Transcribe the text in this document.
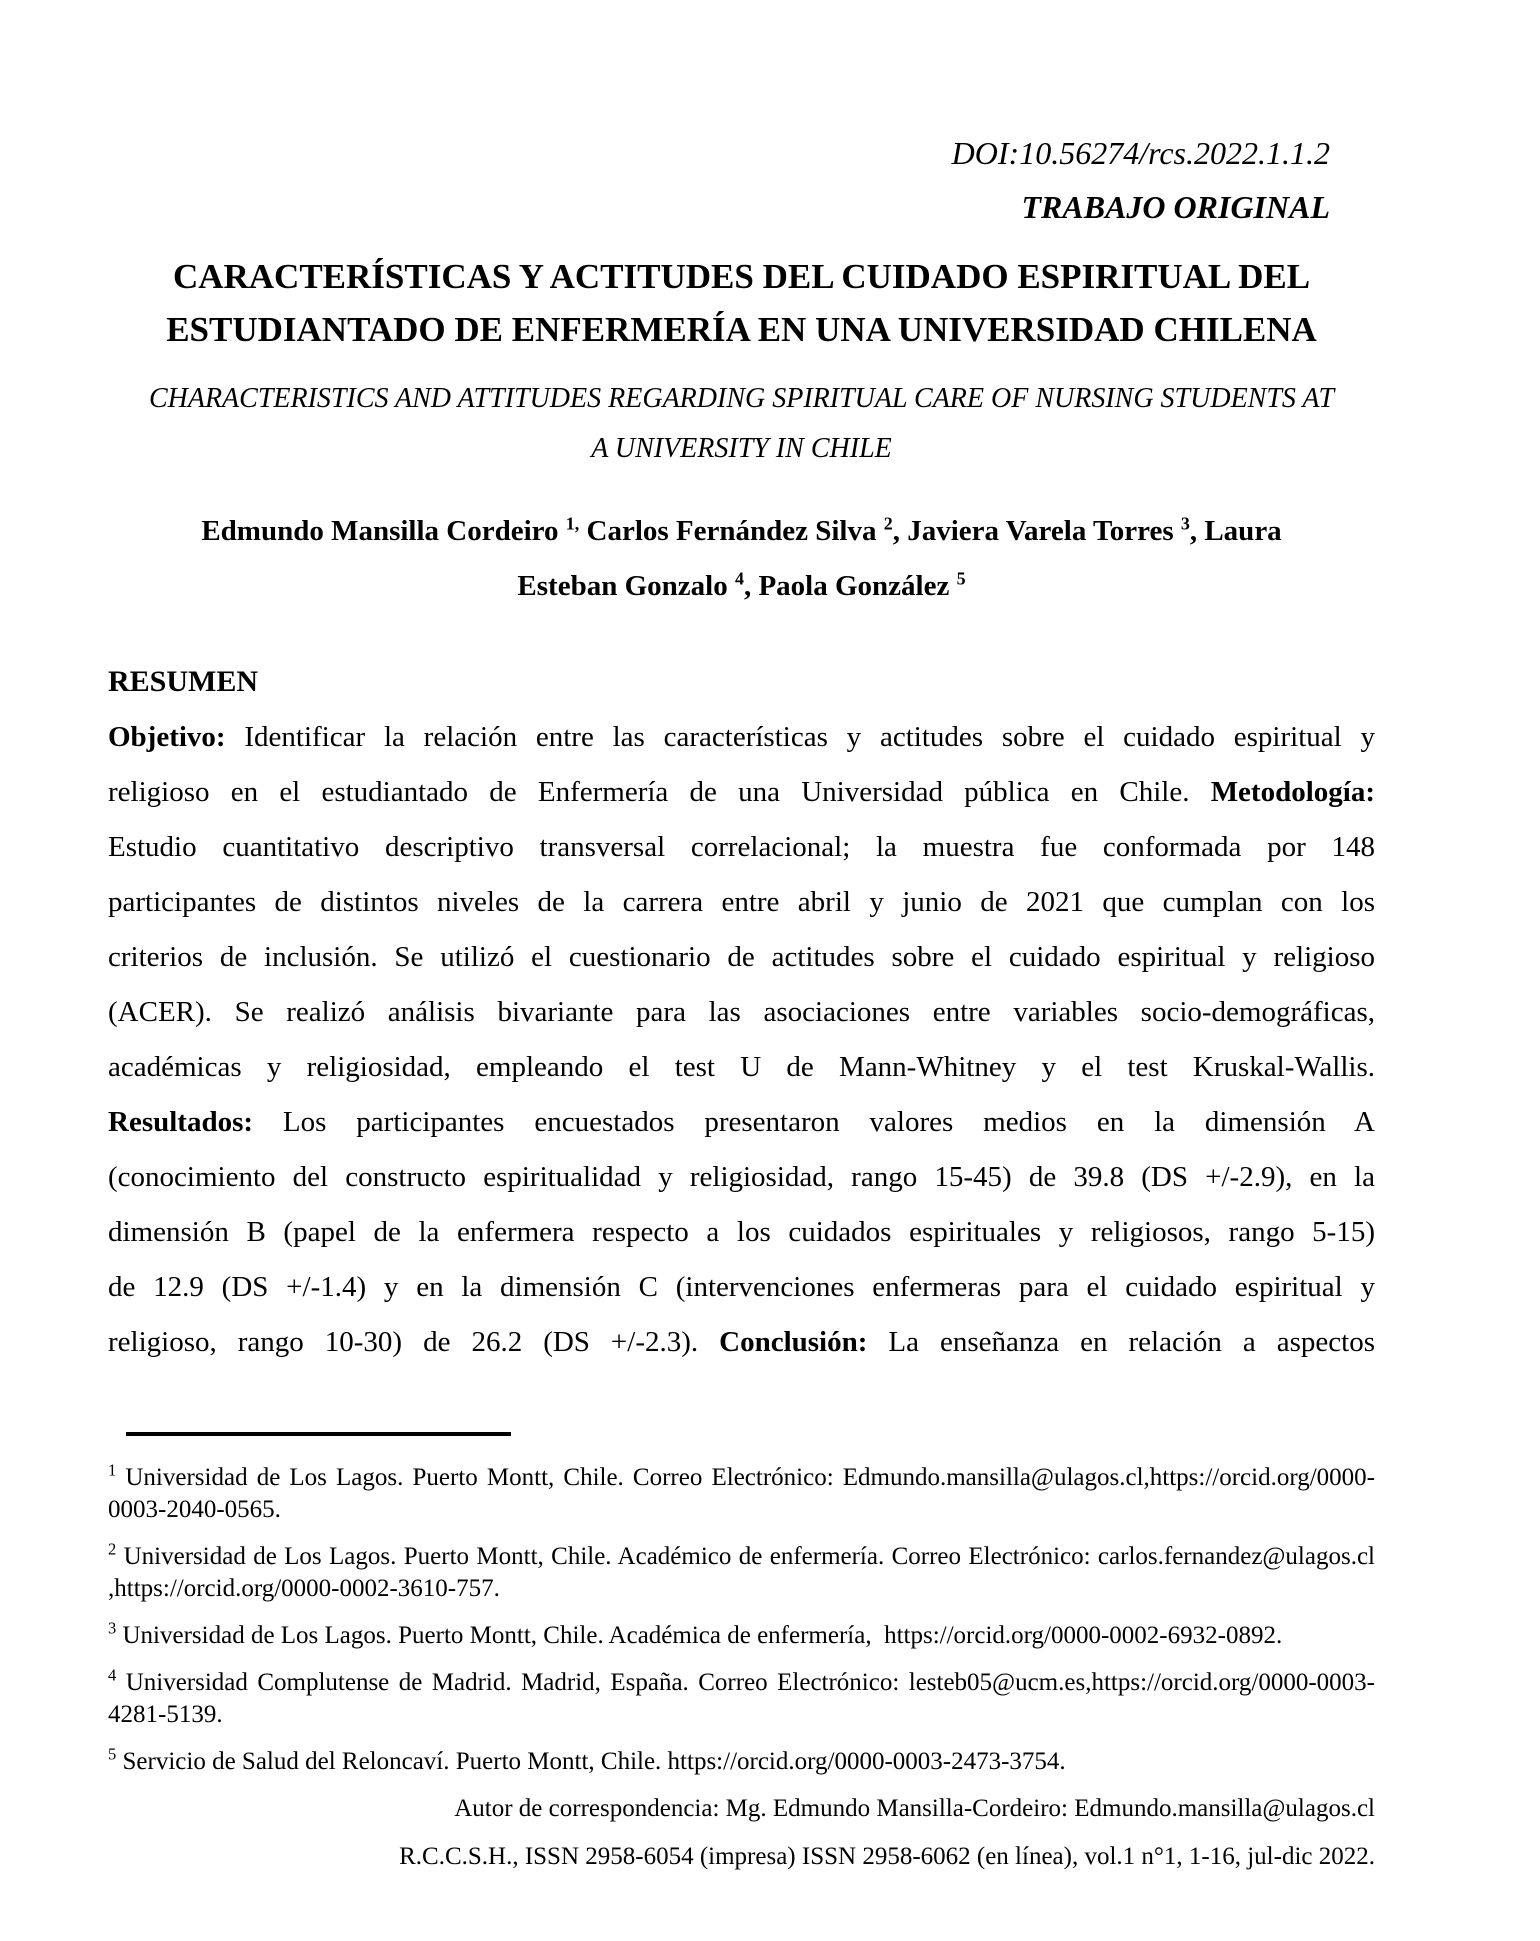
DOI:10.56274/rcs.2022.1.1.2
TRABAJO ORIGINAL
CARACTERÍSTICAS Y ACTITUDES DEL CUIDADO ESPIRITUAL DEL
ESTUDIANTADO DE ENFERMERÍA EN UNA UNIVERSIDAD CHILENA
CHARACTERISTICS AND ATTITUDES REGARDING SPIRITUAL CARE OF NURSING STUDENTS AT
A UNIVERSITY IN CHILE
Edmundo Mansilla Cordeiro $^{1,}$ Carlos Fernández Silva $^2$, Javiera Varela Torres $^3$, Laura
Esteban Gonzalo $^4$, Paola González $^5$
RESUMEN
Objetivo: Identificar la relación entre las características y actitudes sobre el cuidado espiritual y
religioso en el estudiantado de Enfermería de una Universidad pública en Chile. Metodología:
Estudio cuantitativo descriptivo transversal correlacional; la muestra fue conformada por 148
participantes de distintos niveles de la carrera entre abril y junio de 2021 que cumplan con los
criterios de inclusión. Se utilizó el cuestionario de actitudes sobre el cuidado espiritual y religioso
(ACER). Se realizó análisis bivariante para las asociaciones entre variables socio-demográficas,
académicas y religiosidad, empleando el test U de Mann-Whitney y el test Kruskal-Wallis.
Resultados: Los participantes encuestados presentaron valores medios en la dimensión A
(conocimiento del constructo espiritualidad y religiosidad, rango 15-45) de 39.8 (DS +/-2.9), en la
dimensión B (papel de la enfermera respecto a los cuidados espirituales y religiosos, rango 5-15)
de 12.9 (DS +/-1.4) y en la dimensión C (intervenciones enfermeras para el cuidado espiritual y
religioso, rango 10-30) de 26.2 (DS +/-2.3). Conclusión: La enseñanza en relación a aspectos
$^1$ Universidad de Los Lagos. Puerto Montt, Chile. Correo Electrónico: Edmundo.mansilla@ulagos.cl,https://orcid.org/0000-0003-2040-0565.
$^2$ Universidad de Los Lagos. Puerto Montt, Chile. Académico de enfermería. Correo Electrónico: carlos.fernandez@ulagos.cl ,https://orcid.org/0000-0002-3610-757.
$^3$ Universidad de Los Lagos. Puerto Montt, Chile. Académica de enfermería,  https://orcid.org/0000-0002-6932-0892.
$^4$ Universidad Complutense de Madrid. Madrid, España. Correo Electrónico: lesteb05@ucm.es,https://orcid.org/0000-0003-4281-5139.
$^5$ Servicio de Salud del Reloncaví. Puerto Montt, Chile. https://orcid.org/0000-0003-2473-3754.
Autor de correspondencia: Mg. Edmundo Mansilla-Cordeiro: Edmundo.mansilla@ulagos.cl
R.C.C.S.H., ISSN 2958-6054 (impresa) ISSN 2958-6062 (en línea), vol.1 n°1, 1-16, jul-dic 2022.
